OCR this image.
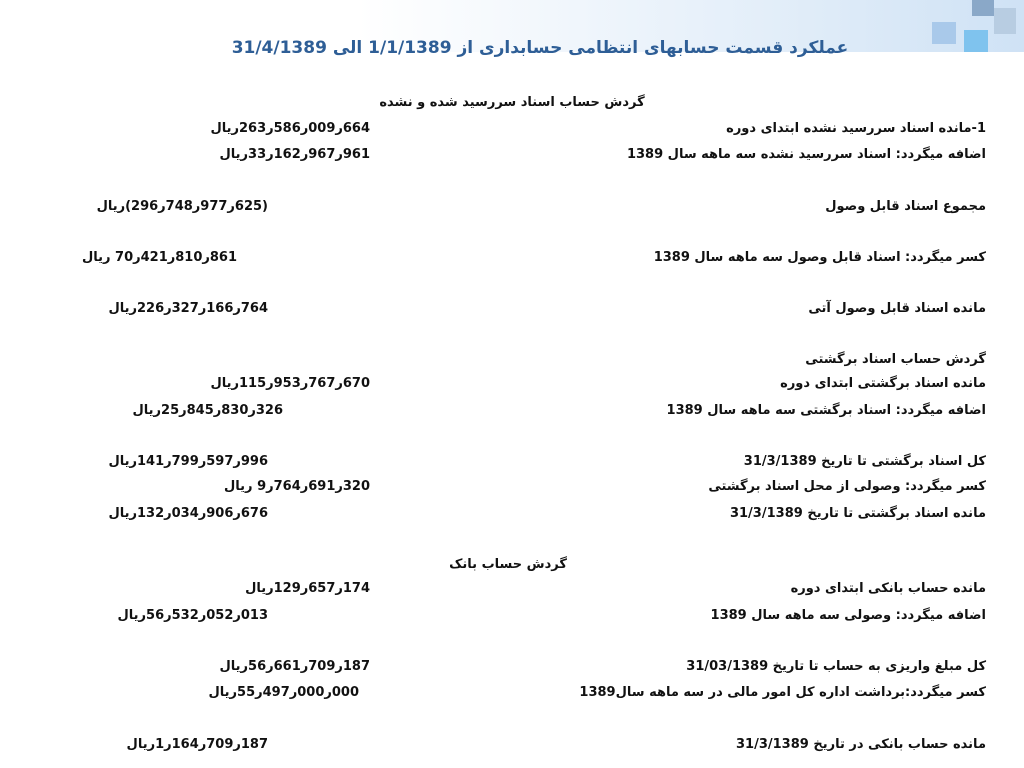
عملکرد قسمت حسابهای انتظامی حسابداری از 1/1/1389 الی 31/4/1389
گردش حساب اسناد سررسید شده و نشده
1-مانده اسناد سررسید نشده ابتدای دوره
664ر009ر586ر263ریال
اضافه میگردد: اسناد سررسید نشده سه ماهه سال 1389
961ر967ر162ر33ریال
مجموع اسناد قابل وصول
(625ر977ر748ر296)ریال
کسر میگردد: اسناد قابل وصول سه ماهه سال 1389
861ر810ر421ر70 ریال
مانده اسناد قابل وصول آتی
764ر166ر327ر226ریال
گردش حساب اسناد برگشتی
مانده اسناد برگشتی ابتدای دوره
670ر767ر953ر115ریال
اضافه میگردد: اسناد برگشتی سه ماهه سال 1389
326ر830ر845ر25ریال
کل اسناد برگشتی تا تاریخ 31/3/1389
996ر597ر799ر141ریال
کسر میگردد: وصولی از محل اسناد برگشتی
320ر691ر764ر9 ریال
مانده اسناد برگشتی تا تاریخ 31/3/1389
676ر906ر034ر132ریال
گردش حساب بانک
مانده حساب بانکی ابتدای دوره
174ر657ر129ریال
اضافه میگردد: وصولی سه ماهه سال 1389
013ر052ر532ر56ریال
کل مبلغ واریزی به حساب تا تاریخ 31/03/1389
187ر709ر661ر56ریال
کسر میگردد:برداشت اداره کل امور مالی در سه ماهه سال1389
000ر000ر497ر55ریال
مانده حساب بانکی در تاریخ 31/3/1389
187ر709ر164ر1ریال
